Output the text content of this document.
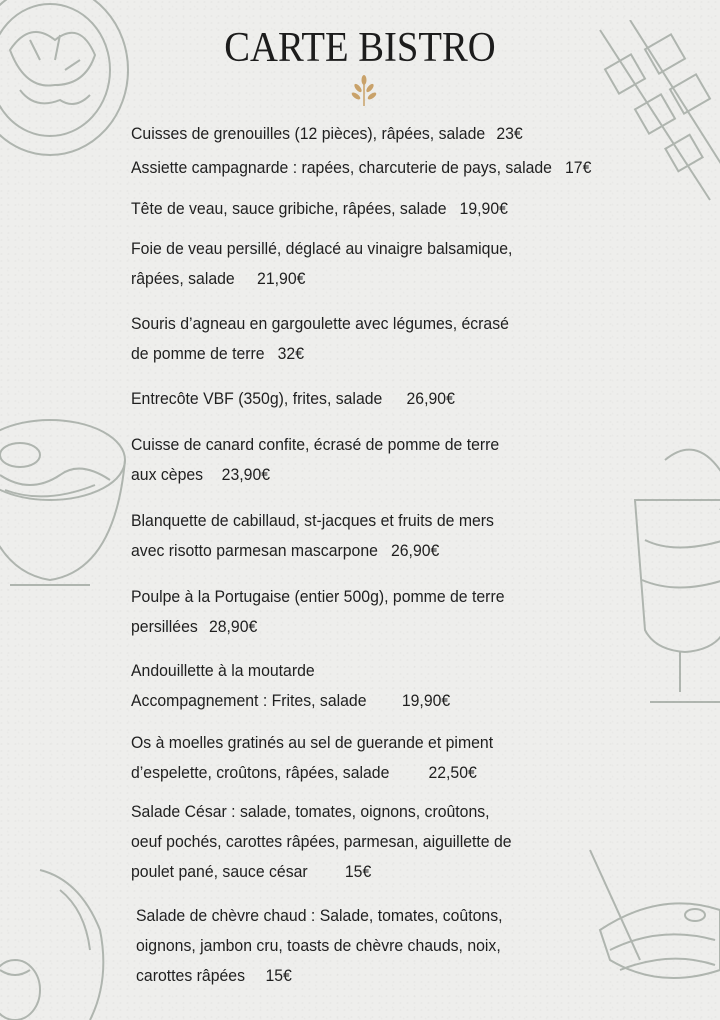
CARTE BISTRO
Cuisses de grenouilles (12 pièces), râpées, salade 23€
Assiette campagnarde : rapées, charcuterie de pays, salade 17€
Tête de veau, sauce gribiche, râpées, salade 19,90€
Foie de veau persillé, déglacé au vinaigre balsamique,
râpées, salade 21,90€
Souris d’agneau en gargoulette avec légumes, écrasé
de pomme de terre 32€
Entrecôte VBF (350g), frites, salade 26,90€
Cuisse de canard confite, écrasé de pomme de terre
aux cèpes 23,90€
Blanquette de cabillaud, st-jacques et fruits de mers
avec risotto parmesan mascarpone 26,90€
Poulpe à la Portugaise (entier 500g), pomme de terre
persillées 28,90€
Andouillette à la moutarde
Accompagnement : Frites, salade 19,90€
Os à moelles gratinés au sel de guerande et piment
d’espelette, croûtons, râpées, salade 22,50€
Salade César : salade, tomates, oignons, croûtons,
oeuf pochés, carottes râpées, parmesan, aiguillette de
poulet pané, sauce césar 15€
Salade de chèvre chaud : Salade, tomates, coûtons,
oignons, jambon cru, toasts de chèvre chauds, noix,
carottes râpées 15€
